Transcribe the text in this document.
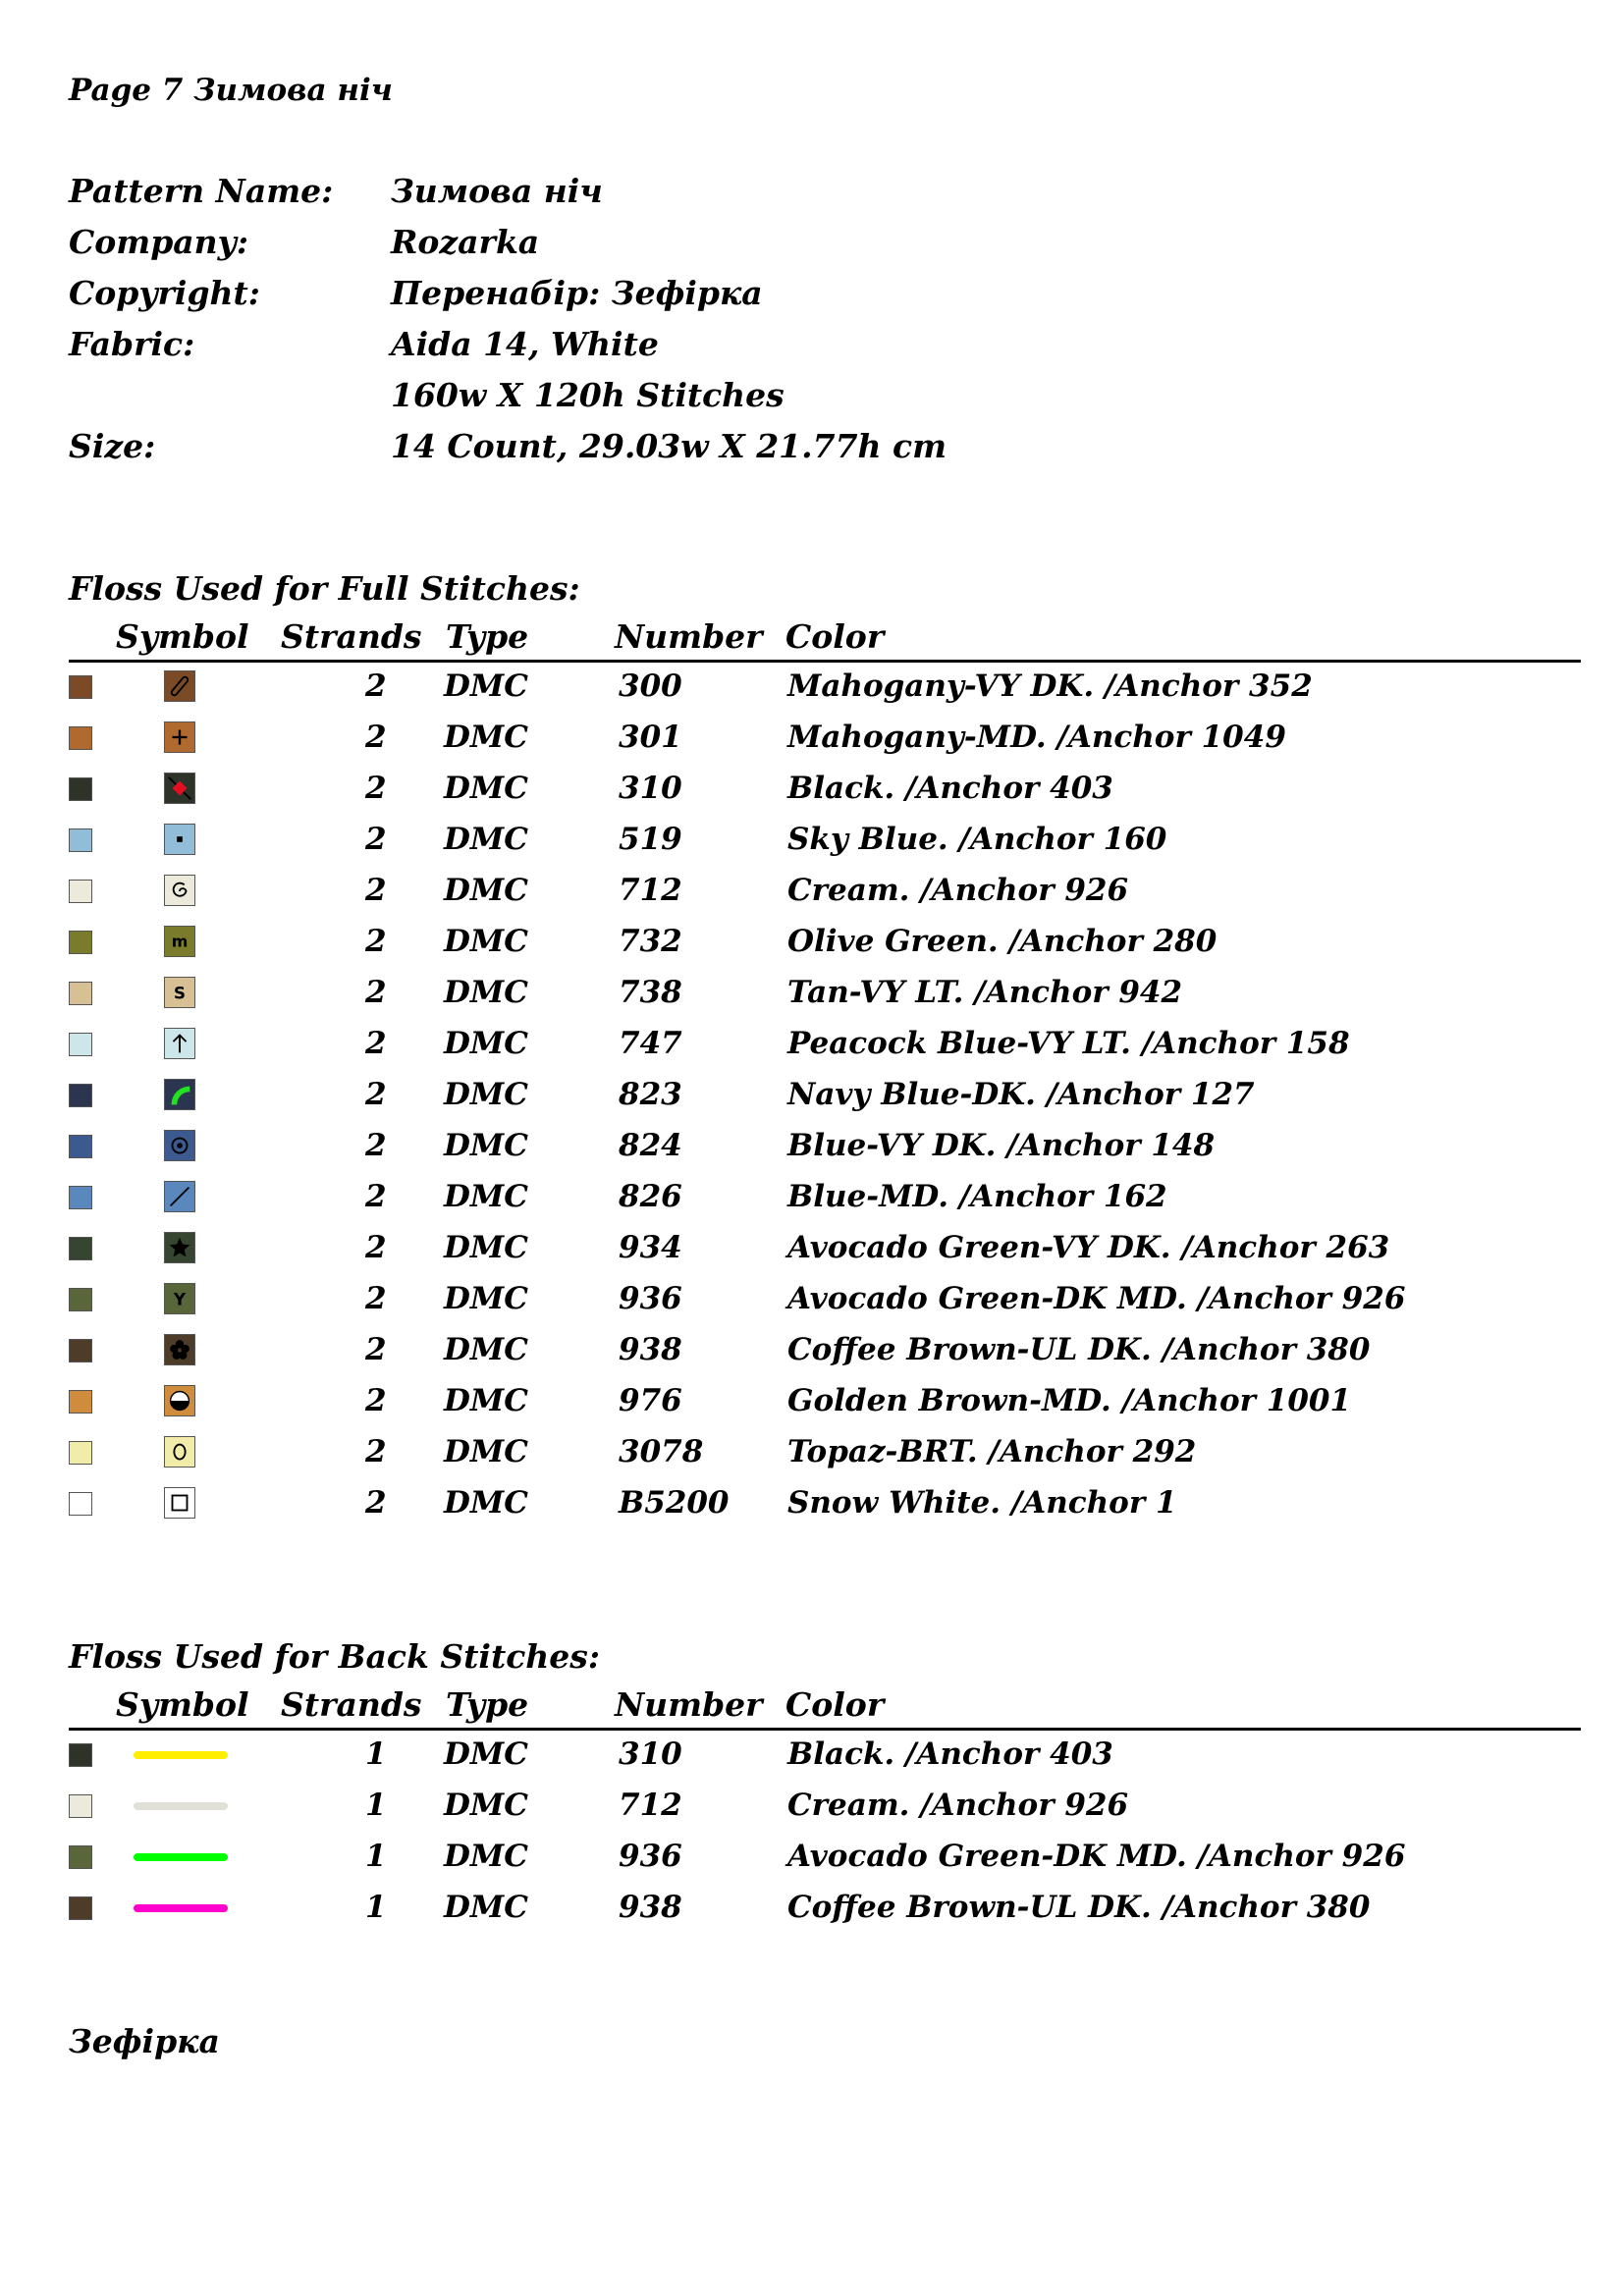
Page 7 Зимова ніч
Pattern Name:	Зимова ніч
Company:	Rozarka
Copyright:	Перенабір: Зефірка
Fabric:	Aida 14, White
160w X 120h Stitches
Size:	14 Count, 29.03w X 21.77h cm
Floss Used for Full Stitches:
Symbol Strands Type	Number Color
2	DMC	300	Mahogany-VY DK. /Anchor 352
2	DMC	301	Mahogany-MD. /Anchor 1049
2	DMC	310	Black. /Anchor 403
2	DMC	519	Sky Blue. /Anchor 160
2	DMC	712	Cream. /Anchor 926
m	2	DMC	732	Olive Green. /Anchor 280
S	2	DMC	738	Tan-VY LT. /Anchor 942
2	DMC	747	Peacock Blue-VY LT. /Anchor 158
2	DMC	823	Navy Blue-DK. /Anchor 127
2	DMC	824	Blue-VY DK. /Anchor 148
2	DMC	826	Blue-MD. /Anchor 162
2	DMC	934	Avocado Green-VY DK. /Anchor 263
Y	2	DMC	936	Avocado Green-DK MD. /Anchor 926
2	DMC	938	Coffee Brown-UL DK. /Anchor 380
2	DMC	976	Golden Brown-MD. /Anchor 1001
2	DMC	3078	Topaz-BRT. /Anchor 292
2	DMC	B5200 Snow White. /Anchor 1
Floss Used for Back Stitches:
Symbol Strands Type	Number Color
1	DMC	310	Black. /Anchor 403
1	DMC	712	Cream. /Anchor 926
1	DMC	936	Avocado Green-DK MD. /Anchor 926
1	DMC	938	Coffee Brown-UL DK. /Anchor 380
Зефірка
